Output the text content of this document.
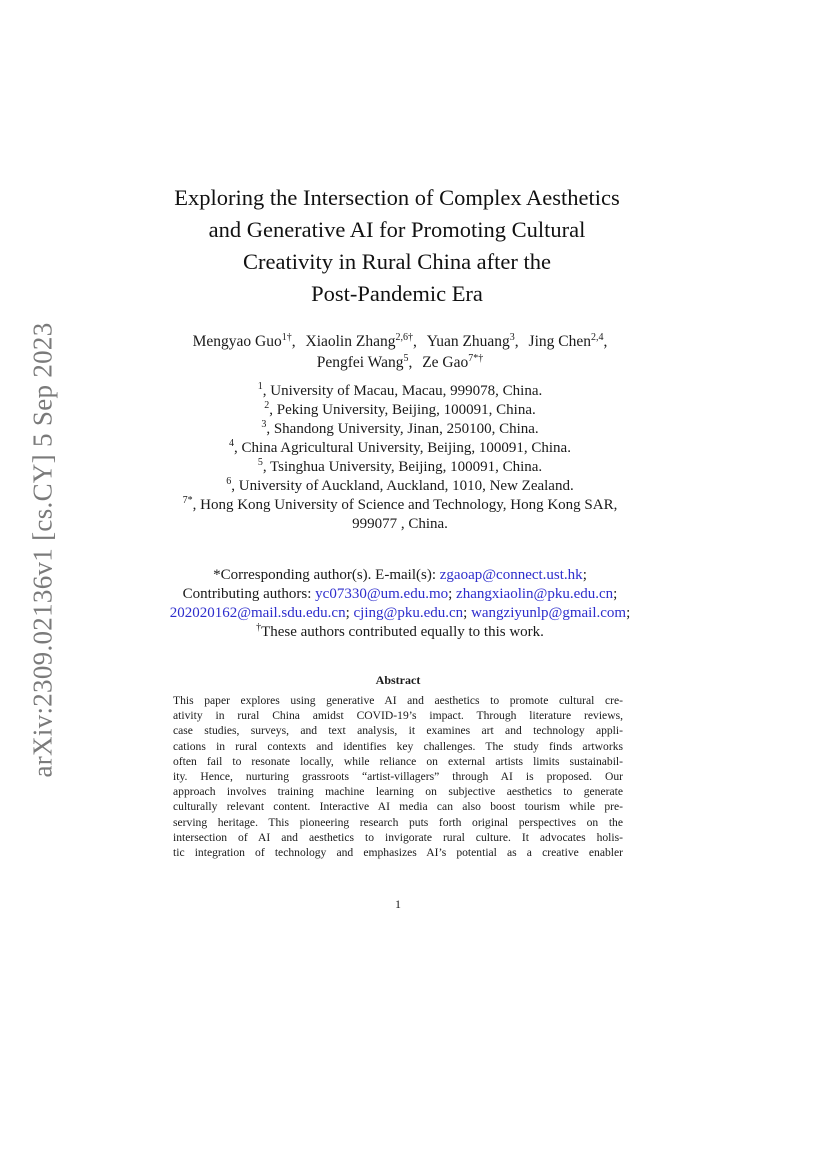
arXiv:2309.02136v1 [cs.CY] 5 Sep 2023
Exploring the Intersection of Complex Aesthetics
and Generative AI for Promoting Cultural
Creativity in Rural China after the
Post-Pandemic Era
Mengyao Guo$^{1\dagger}$, Xiaolin Zhang$^{2,6\dagger}$, Yuan Zhuang$^3$, Jing Chen$^{2,4}$,
Pengfei Wang$^5$, Ze Gao$^{7*\dagger}$
$^1$, University of Macau, Macau, 999078, China.
$^2$, Peking University, Beijing, 100091, China.
$^3$, Shandong University, Jinan, 250100, China.
$^4$, China Agricultural University, Beijing, 100091, China.
$^5$, Tsinghua University, Beijing, 100091, China.
$^6$, University of Auckland, Auckland, 1010, New Zealand.
$^{7*}$, Hong Kong University of Science and Technology, Hong Kong SAR,
999077 , China.
*Corresponding author(s). E-mail(s): zgaoap@connect.ust.hk;
Contributing authors: yc07330@um.edu.mo; zhangxiaolin@pku.edu.cn;
202020162@mail.sdu.edu.cn; cjing@pku.edu.cn; wangziyunlp@gmail.com;
†These authors contributed equally to this work.
Abstract
This paper explores using generative AI and aesthetics to promote cultural cre-
ativity in rural China amidst COVID-19’s impact. Through literature reviews,
case studies, surveys, and text analysis, it examines art and technology appli-
cations in rural contexts and identifies key challenges. The study finds artworks
often fail to resonate locally, while reliance on external artists limits sustainabil-
ity. Hence, nurturing grassroots “artist-villagers” through AI is proposed. Our
approach involves training machine learning on subjective aesthetics to generate
culturally relevant content. Interactive AI media can also boost tourism while pre-
serving heritage. This pioneering research puts forth original perspectives on the
intersection of AI and aesthetics to invigorate rural culture. It advocates holis-
tic integration of technology and emphasizes AI’s potential as a creative enabler
1
